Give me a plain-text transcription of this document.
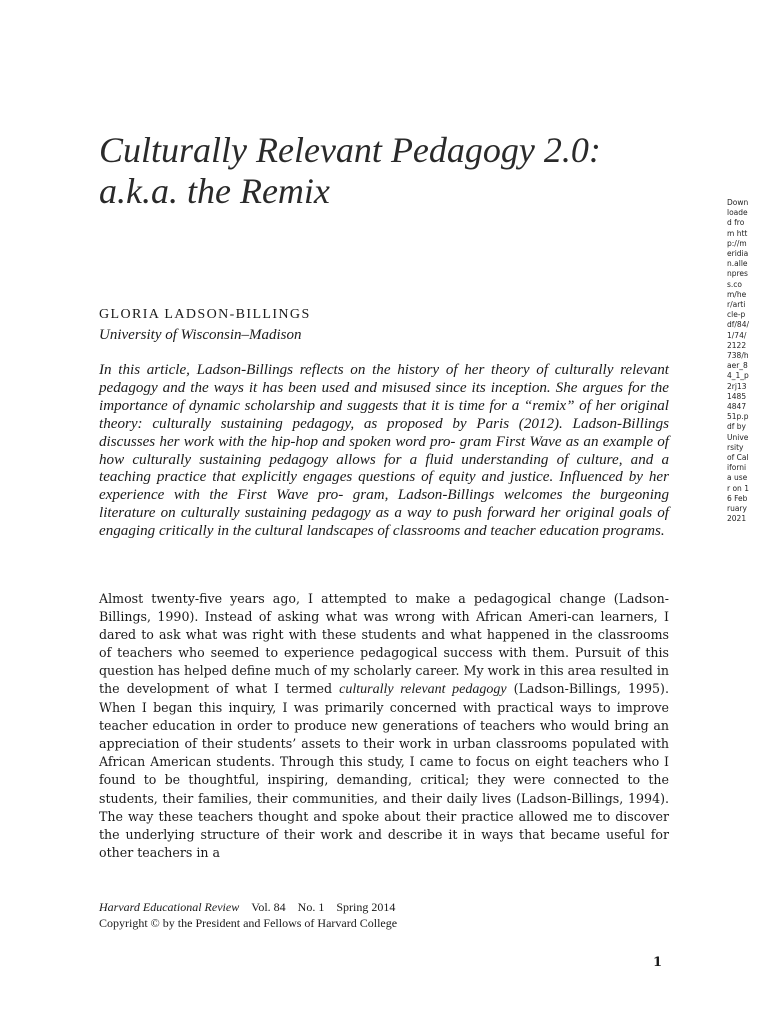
Culturally Relevant Pedagogy 2.0:
a.k.a. the Remix
GLORIA LADSON-BILLINGS
University of Wisconsin–Madison

In this article, Ladson-Billings reflects on the history of her theory of culturally relevant pedagogy and the ways it has been used and misused since its inception. She argues for the importance of dynamic scholarship and suggests that it is time for a “remix” of her original theory: culturally sustaining pedagogy, as proposed by Paris (2012). Ladson-Billings discusses her work with the hip-hop and spoken word pro- gram First Wave as an example of how culturally sustaining pedagogy allows for a fluid understanding of culture, and a teaching practice that explicitly engages questions of equity and justice. Influenced by her experience with the First Wave pro- gram, Ladson-Billings welcomes the burgeoning literature on culturally sustaining pedagogy as a way to push forward her original goals of engaging critically in the cultural landscapes of classrooms and teacher education programs.

Almost twenty-five years ago, I attempted to make a pedagogical change (Ladson-Billings, 1990). Instead of asking what was wrong with African Ameri-can learners, I dared to ask what was right with these students and what happened in the classrooms of teachers who seemed to experience pedagogical success with them. Pursuit of this question has helped define much of my scholarly career. My work in this area resulted in the development of what I termed culturally relevant pedagogy (Ladson-Billings, 1995). When I began this inquiry, I was primarily concerned with practical ways to improve teacher education in order to produce new generations of teachers who would bring an appreciation of their students’ assets to their work in urban classrooms populated with African American students. Through this study, I came to focus on eight teachers who I found to be thoughtful, inspiring, demanding, critical; they were connected to the students, their families, their communities, and their daily lives (Ladson-Billings, 1994). The way these teachers thought and spoke about their practice allowed me to discover the underlying structure of their work and describe it in ways that became useful for other teachers in a

Harvard Educational Review Vol. 84 No. 1 Spring 2014
Copyright © by the President and Fellows of Harvard College
1
Downloaded from http://meridian.allenpress.com/her/article-pdf/84/1/74/2122738/haer_84_1_p2rj131485484751p.pdf by University of California user on 16 February 2021
